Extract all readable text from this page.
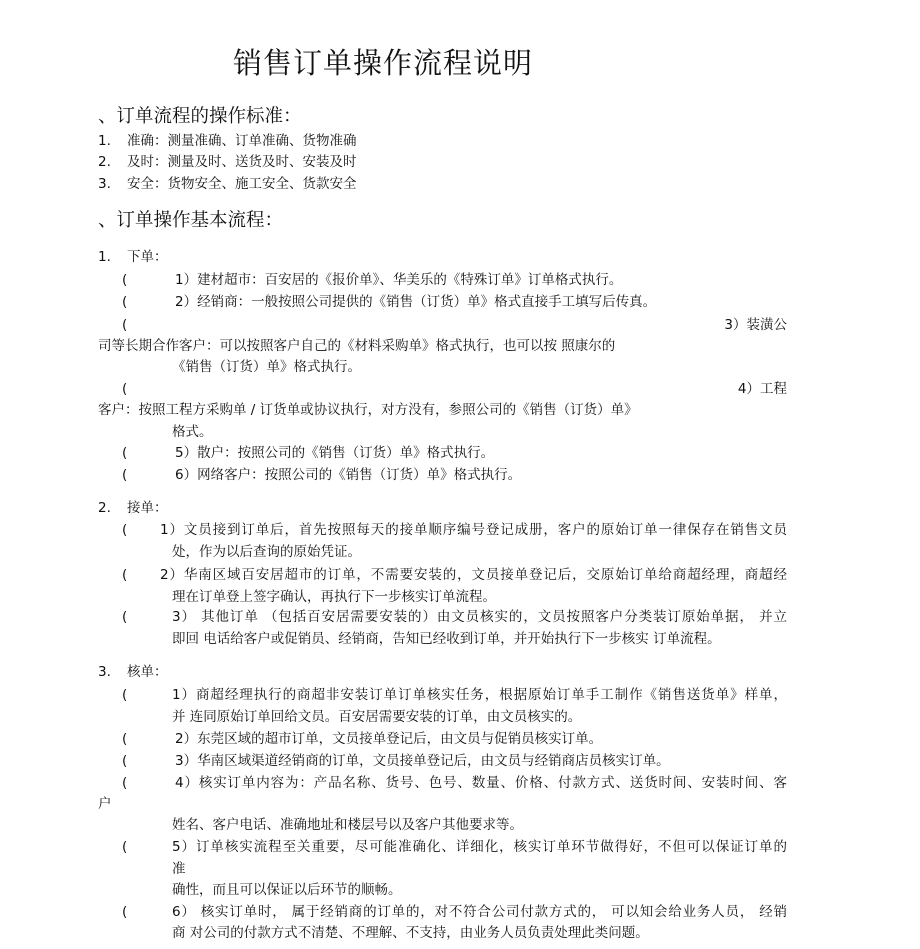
销售订单操作流程说明
、订单流程的操作标准：
1. 准确：测量准确、订单准确、货物准确
2. 及时：测量及时、送货及时、安装及时
3. 安全：货物安全、施工安全、货款安全
、订单操作基本流程：
1. 下单：
(	1）建材超市：百安居的《报价单》、华美乐的《特殊订单》订单格式执行。
(	2）经销商：一般按照公司提供的《销售（订货）单》格式直接手工填写后传真。
(	3）装潢公
司等长期合作客户：可以按照客户自己的《材料采购单》格式执行，也可以按 照康尔的
《销售（订货）单》格式执行。
(	4）工程
客户：按照工程方采购单 / 订货单或协议执行，对方没有，参照公司的《销售（订货）单》
格式。
(	5）散户：按照公司的《销售（订货）单》格式执行。
(	6）网络客户：按照公司的《销售（订货）单》格式执行。
2. 接单：
( 1）文员接到订单后，首先按照每天的接单顺序编号登记成册，客户的原始订单一律保存在销售文员
处，作为以后查询的原始凭证。
( 2）华南区域百安居超市的订单，不需要安装的，文员接单登记后，交原始订单给商超经理，商超经
理在订单登上签字确认，再执行下一步核实订单流程。
(	3） 其他订单 （包括百安居需要安装的）由文员核实的，文员按照客户分类装订原始单据， 并立
即回 电话给客户或促销员、经销商，告知已经收到订单，并开始执行下一步核实 订单流程。
3. 核单：
(	1）商超经理执行的商超非安装订单订单核实任务，根据原始订单手工制作《销售送货单》样单，
并 连同原始订单回给文员。百安居需要安装的订单，由文员核实的。
(	2）东莞区域的超市订单，文员接单登记后，由文员与促销员核实订单。
(	3）华南区域渠道经销商的订单，文员接单登记后，由文员与经销商店员核实订单。
(	4）核实订单内容为：产品名称、货号、色号、数量、价格、付款方式、送货时间、安装时间、客
户
姓名、客户电话、准确地址和楼层号以及客户其他要求等。
(	5）订单核实流程至关重要，尽可能准确化、详细化，核实订单环节做得好，不但可以保证订单的
准
确性，而且可以保证以后环节的顺畅。
(	6） 核实订单时， 属于经销商的订单的，对不符合公司付款方式的， 可以知会给业务人员， 经销
商 对公司的付款方式不清楚、不理解、不支持，由业务人员负责处理此类问题。
